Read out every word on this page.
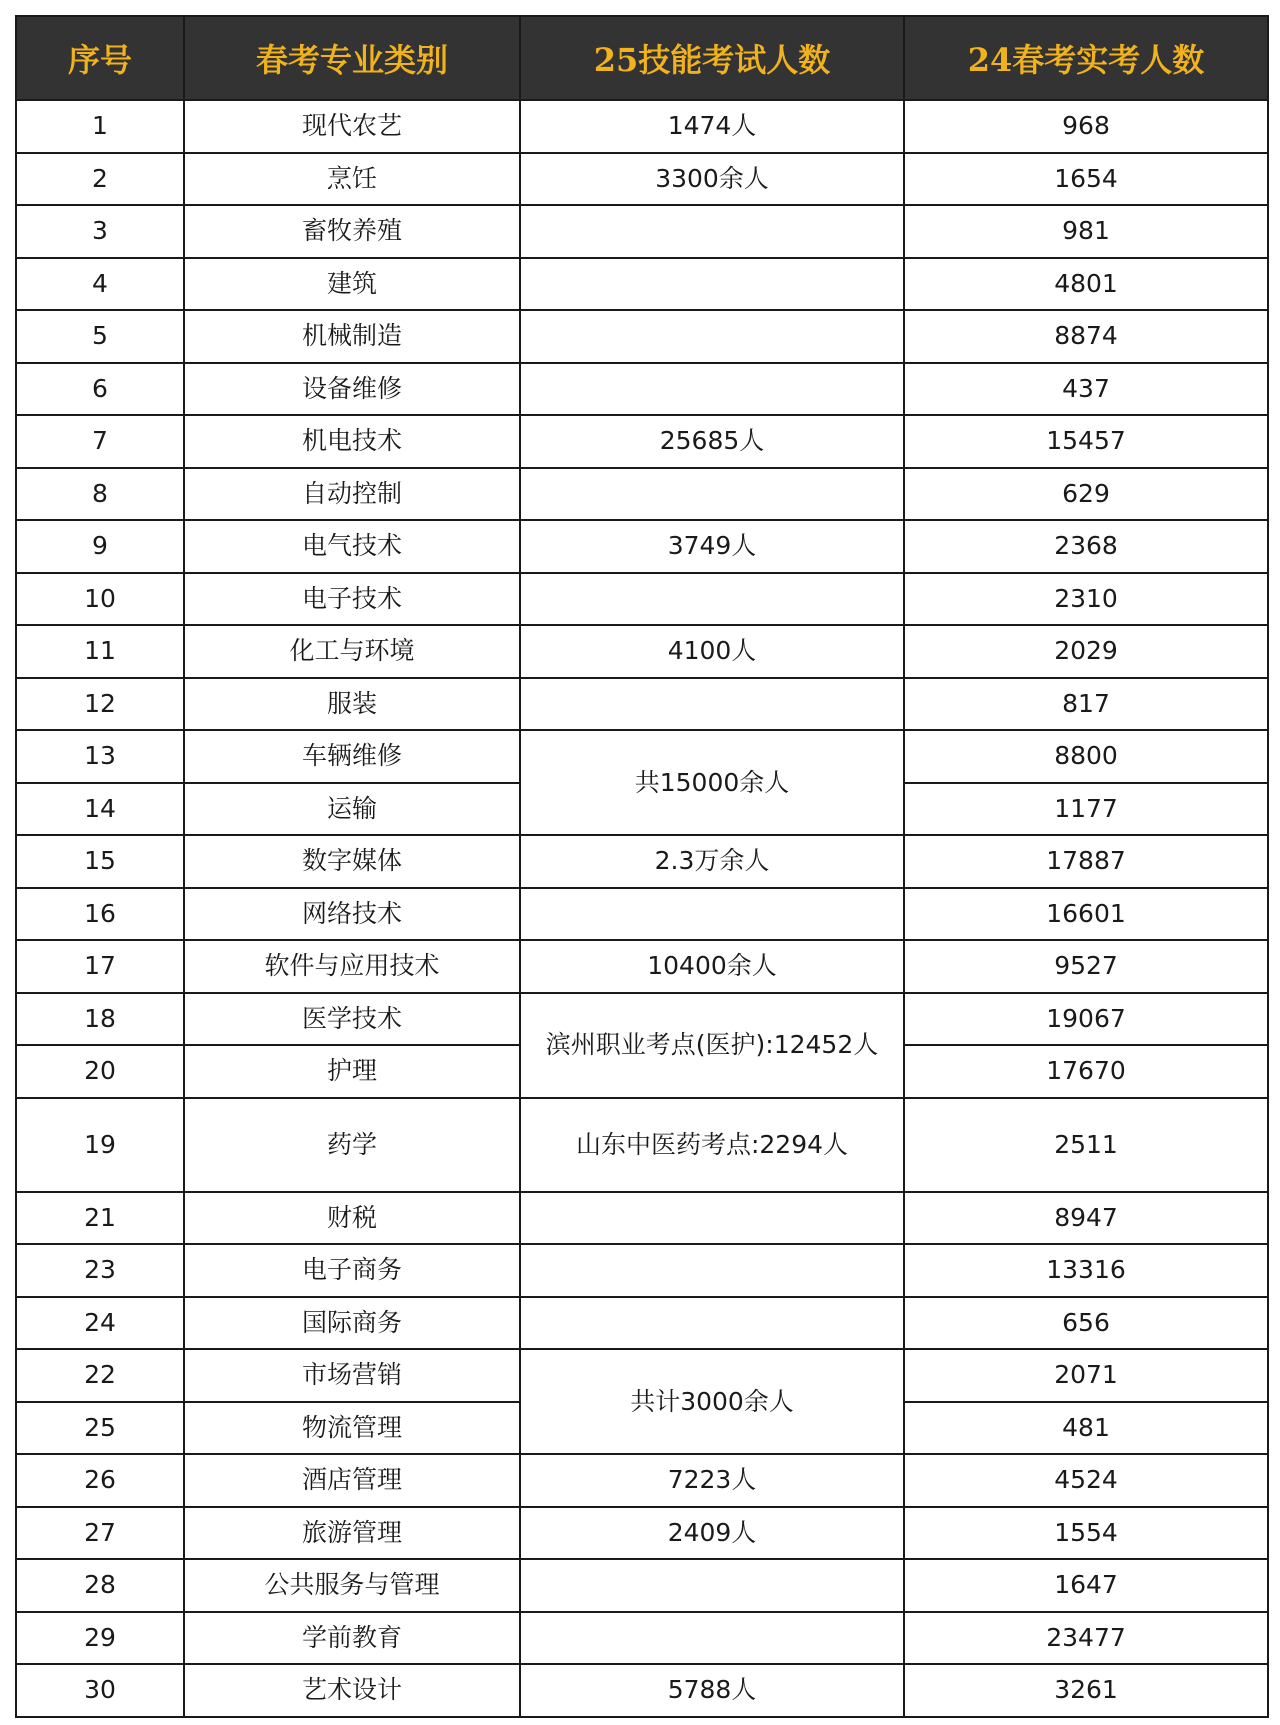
序号	春考专业类别	25技能考试人数	24春考实考人数
1	现代农艺	1474人	968
2	烹饪	3300余人	1654
3	畜牧养殖		981
4	建筑		4801
5	机械制造		8874
6	设备维修		437
7	机电技术	25685人	15457
8	自动控制		629
9	电气技术	3749人	2368
10	电子技术		2310
11	化工与环境	4100人	2029
12	服装		817
13	车辆维修	共15000余人	8800
14	运输		1177
15	数字媒体	2.3万余人	17887
16	网络技术		16601
17	软件与应用技术	10400余人	9527
18	医学技术	滨州职业考点(医护):12452人	19067
20	护理		17670
19	药学	山东中医药考点:2294人	2511
21	财税		8947
23	电子商务		13316
24	国际商务		656
22	市场营销	共计3000余人	2071
25	物流管理		481
26	酒店管理	7223人	4524
27	旅游管理	2409人	1554
28	公共服务与管理		1647
29	学前教育		23477
30	艺术设计	5788人	3261
